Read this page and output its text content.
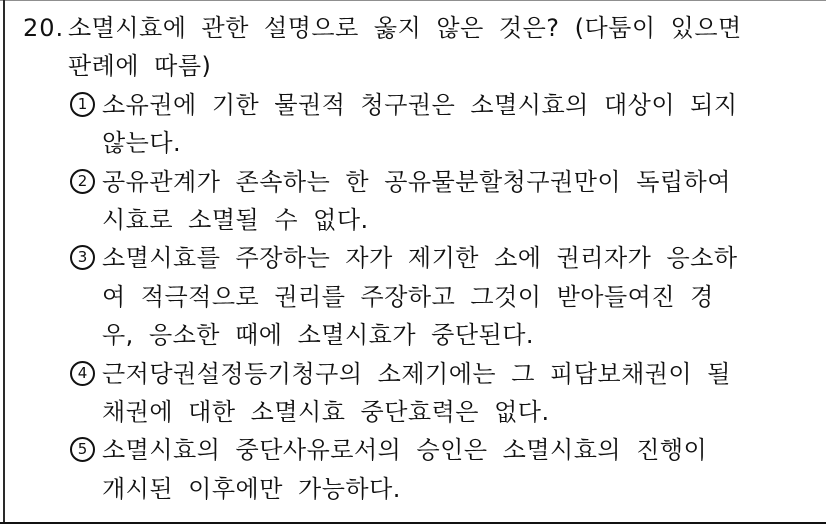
20. 소멸시효에 관한 설명으로 옳지 않은 것은? (다툼이 있으면
판례에 따름)
1 소유권에 기한 물권적 청구권은 소멸시효의 대상이 되지
않는다.
2 공유관계가 존속하는 한 공유물분할청구권만이 독립하여
시효로 소멸될 수 없다.
3 소멸시효를 주장하는 자가 제기한 소에 권리자가 응소하
여 적극적으로 권리를 주장하고 그것이 받아들여진 경
우, 응소한 때에 소멸시효가 중단된다.
4 근저당권설정등기청구의 소제기에는 그 피담보채권이 될
채권에 대한 소멸시효 중단효력은 없다.
5 소멸시효의 중단사유로서의 승인은 소멸시효의 진행이
개시된 이후에만 가능하다.
